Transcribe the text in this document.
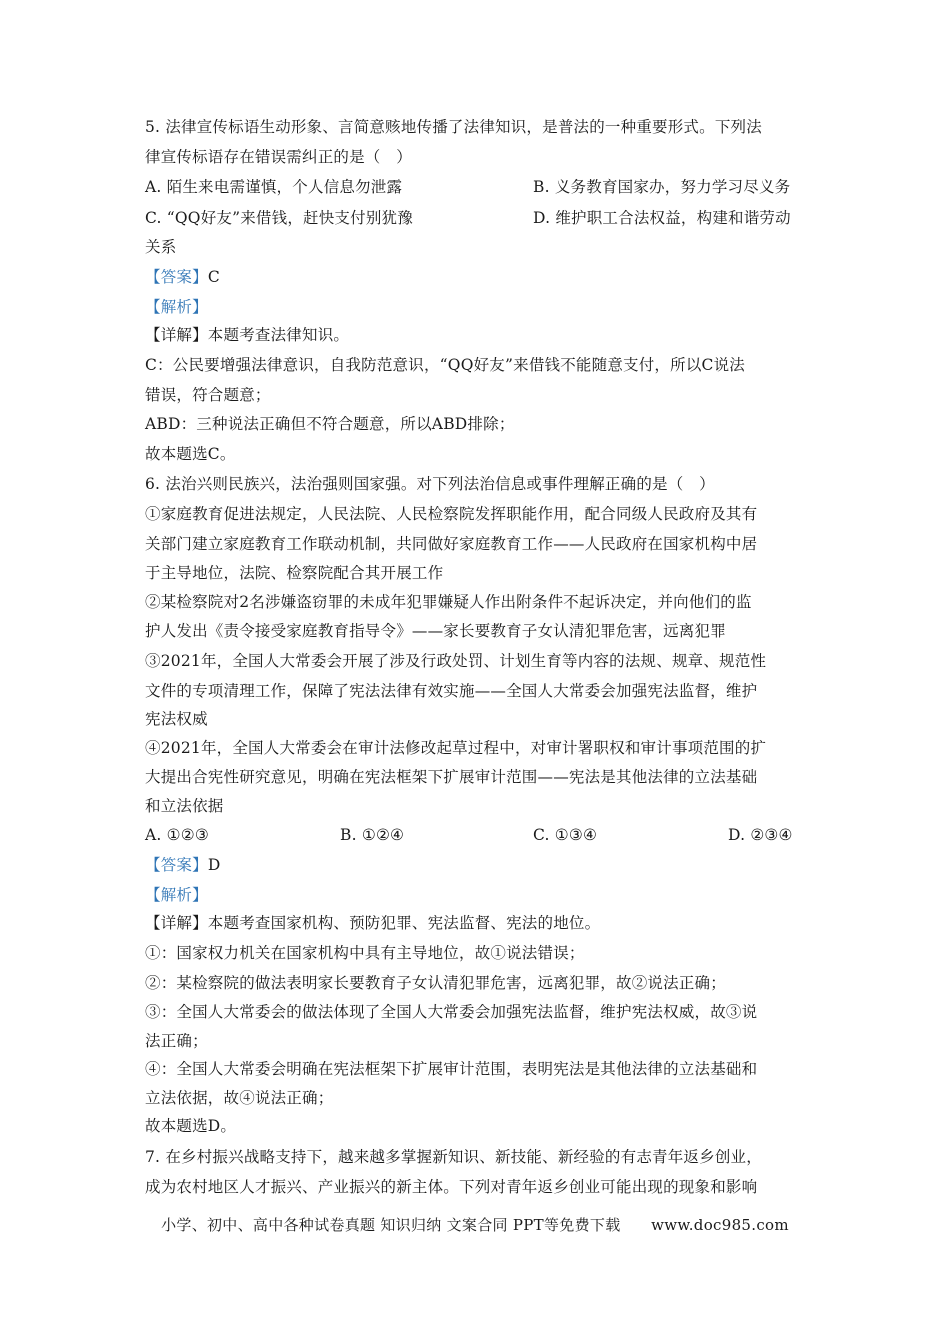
5. 法律宣传标语生动形象、言简意赅地传播了法律知识，是普法的一种重要形式。下列法
律宣传标语存在错误需纠正的是（　）
A. 陌生来电需谨慎，个人信息勿泄露	B. 义务教育国家办，努力学习尽义务
C. “QQ好友”来借钱，赶快支付别犹豫	D. 维护职工合法权益，构建和谐劳动
关系
【答案】C
【解析】
【详解】本题考查法律知识。
C：公民要增强法律意识，自我防范意识，“QQ好友”来借钱不能随意支付，所以C说法
错误，符合题意；
ABD：三种说法正确但不符合题意，所以ABD排除；
故本题选C。
6. 法治兴则民族兴，法治强则国家强。对下列法治信息或事件理解正确的是（　）
①家庭教育促进法规定，人民法院、人民检察院发挥职能作用，配合同级人民政府及其有
关部门建立家庭教育工作联动机制，共同做好家庭教育工作——人民政府在国家机构中居
于主导地位，法院、检察院配合其开展工作
②某检察院对2名涉嫌盗窃罪的未成年犯罪嫌疑人作出附条件不起诉决定，并向他们的监
护人发出《责令接受家庭教育指导令》——家长要教育子女认清犯罪危害，远离犯罪
③2021年，全国人大常委会开展了涉及行政处罚、计划生育等内容的法规、规章、规范性
文件的专项清理工作，保障了宪法法律有效实施——全国人大常委会加强宪法监督，维护
宪法权威
④2021年，全国人大常委会在审计法修改起草过程中，对审计署职权和审计事项范围的扩
大提出合宪性研究意见，明确在宪法框架下扩展审计范围——宪法是其他法律的立法基础
和立法依据
A. ①②③	B. ①②④	C. ①③④	D. ②③④
【答案】D
【解析】
【详解】本题考查国家机构、预防犯罪、宪法监督、宪法的地位。
①：国家权力机关在国家机构中具有主导地位，故①说法错误；
②：某检察院的做法表明家长要教育子女认清犯罪危害，远离犯罪，故②说法正确；
③：全国人大常委会的做法体现了全国人大常委会加强宪法监督，维护宪法权威，故③说
法正确；
④：全国人大常委会明确在宪法框架下扩展审计范围，表明宪法是其他法律的立法基础和
立法依据，故④说法正确；
故本题选D。
7. 在乡村振兴战略支持下，越来越多掌握新知识、新技能、新经验的有志青年返乡创业，
成为农村地区人才振兴、产业振兴的新主体。下列对青年返乡创业可能出现的现象和影响
小学、初中、高中各种试卷真题 知识归纳 文案合同 PPT等免费下载　　www.doc985.com
